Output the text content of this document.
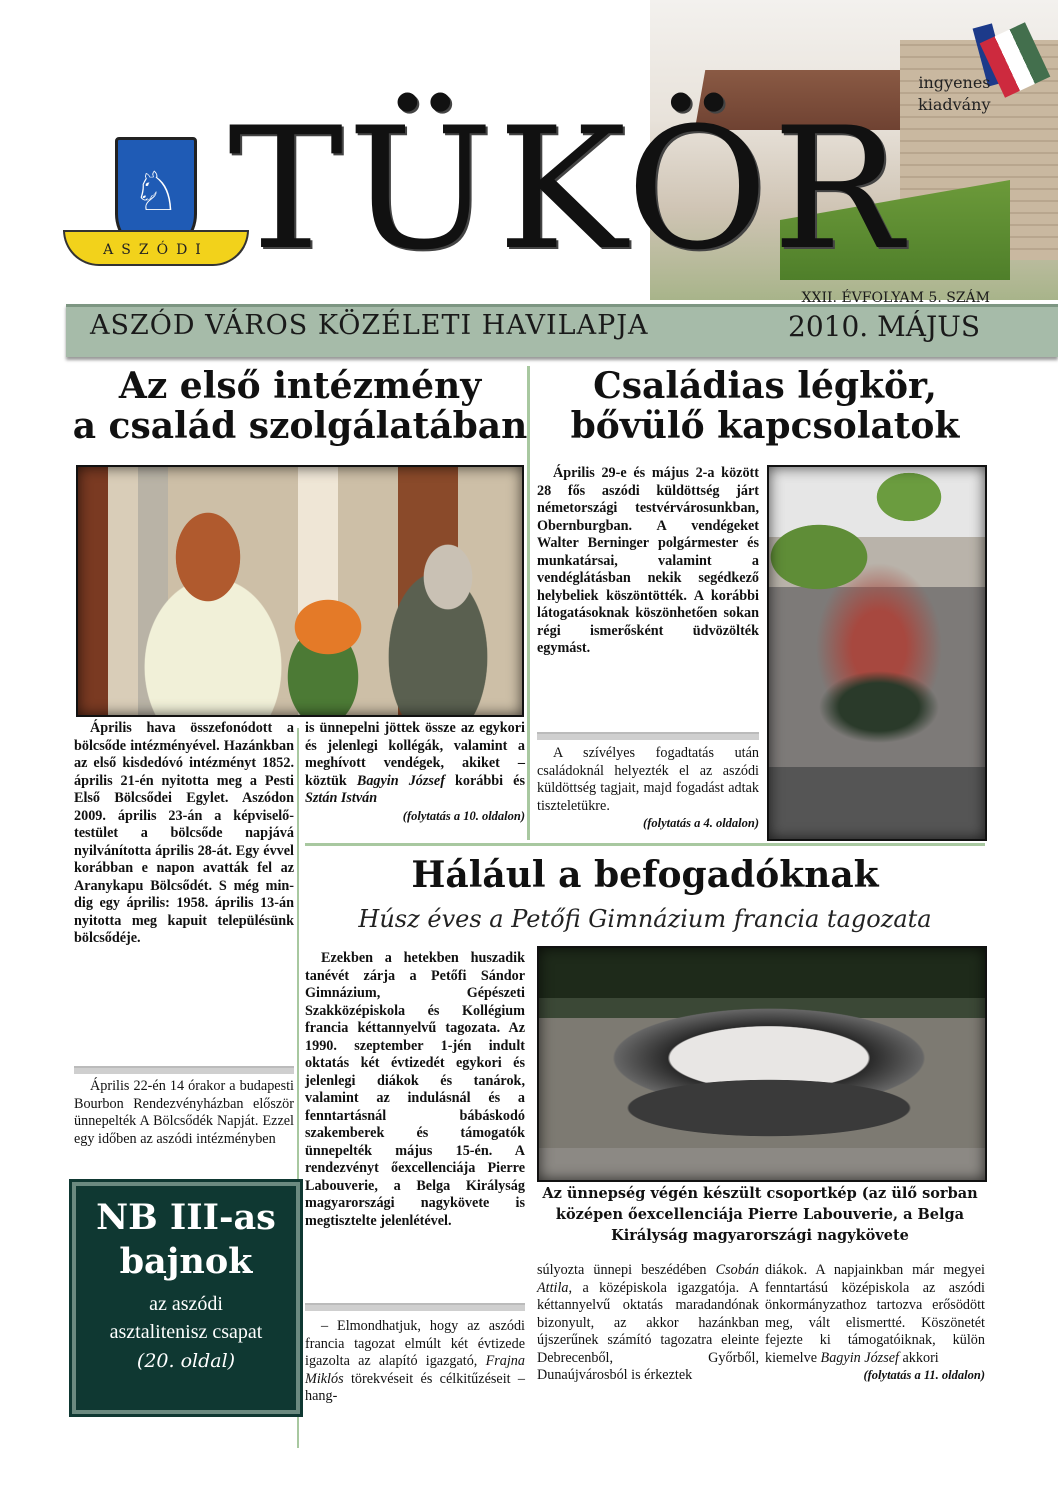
♘
ASZÓDI TÜKÖR
ingyenes
kiadvány
ASZÓD VÁROS KÖZÉLETI HAVILAPJA
XXII. ÉVFOLYAM 5. SZÁM
2010. MÁJUS
Az első intézmény
a család szolgálatában

Április hava összefonódott a bölcsőde intézményével. Hazánkban az első kisdedóvó intézményt 1852. április 21-én nyitotta meg a Pesti Első Bölcsődei Egylet. Aszódon 2009. április 23-án a képviselő-testület a bölcsőde napjává nyilvánította április 28-át. Egy évvel korábban e napon avatták fel az Aranykapu Bölcsődét. S még min-dig egy április: 1958. április 13-án nyitotta meg kapuit településünk bölcsődéje.

Április 22-én 14 órakor a budapesti Bourbon Rendezvényházban először ünnepelték A Bölcsődék Napját. Ezzel egy időben az aszódi intézményben

is ünnepelni jöttek össze az egykori és jelenlegi kollégák, valamint a meghívott vendégek, akiket – köztük Bagyin József korábbi és Sztán István
(folytatás a 10. oldalon)
Családias légkör,
bővülő kapcsolatok

Április 29-e és május 2-a között 28 fős aszódi küldöttség járt németországi testvérvárosunkban, Obernburgban. A vendégeket Walter Berninger polgármester és munkatársai, valamint a vendéglátásban nekik segédkező helybeliek köszöntötték. A korábbi látogatásoknak köszönhetően sokan régi ismerősként üdvözölték egymást.

A szívélyes fogadtatás után családoknál helyezték el az aszódi küldöttség tagjait, majd fogadást adtak tiszteletükre.

(folytatás a 4. oldalon)
Hálául a befogadóknak
Húsz éves a Petőfi Gimnázium francia tagozata

Ezekben a hetekben huszadik tanévét zárja a Petőfi Sándor Gimnázium, Gépészeti Szakközépiskola és Kollégium francia kéttannyelvű tagozata. Az 1990. szeptember 1-jén indult oktatás két évtizedét egykori és jelenlegi diákok és tanárok, valamint az indulásnál és a fenntartásnál bábáskodó szakemberek és támogatók ünnepelték május 15-én. A rendezvényt őexcellenciája Pierre Labouverie, a Belga Királyság magyarországi nagykövete is megtisztelte jelenlétével.

– Elmondhatjuk, hogy az aszódi francia tagozat elmúlt két évtizede igazolta az alapító igazgató, Frajna Miklós törekvéseit és célkitűzéseit – hang-

Az ünnepség végén készült csoportkép (az ülő sorban középen őexcellenciája Pierre Labouverie, a Belga Királyság magyarországi nagykövete
súlyozta ünnepi beszédében Csobán Attila, a középiskola igazgatója. A kéttannyelvű oktatás maradandónak bizonyult, az akkor hazánkban újszerűnek számító tagozatra eleinte Debrecenből, Győrből, Dunaújvárosból is érkeztek
diákok. A napjainkban már megyei fenntartású középiskola az aszódi önkormányzathoz tartozva erősödött meg, vált elismertté. Köszönetét fejezte ki támogatóiknak, külön kiemelve Bagyin József akkori
(folytatás a 11. oldalon)
NB III-as
bajnok
az aszódi
asztalitenisz csapat
(20. oldal)
